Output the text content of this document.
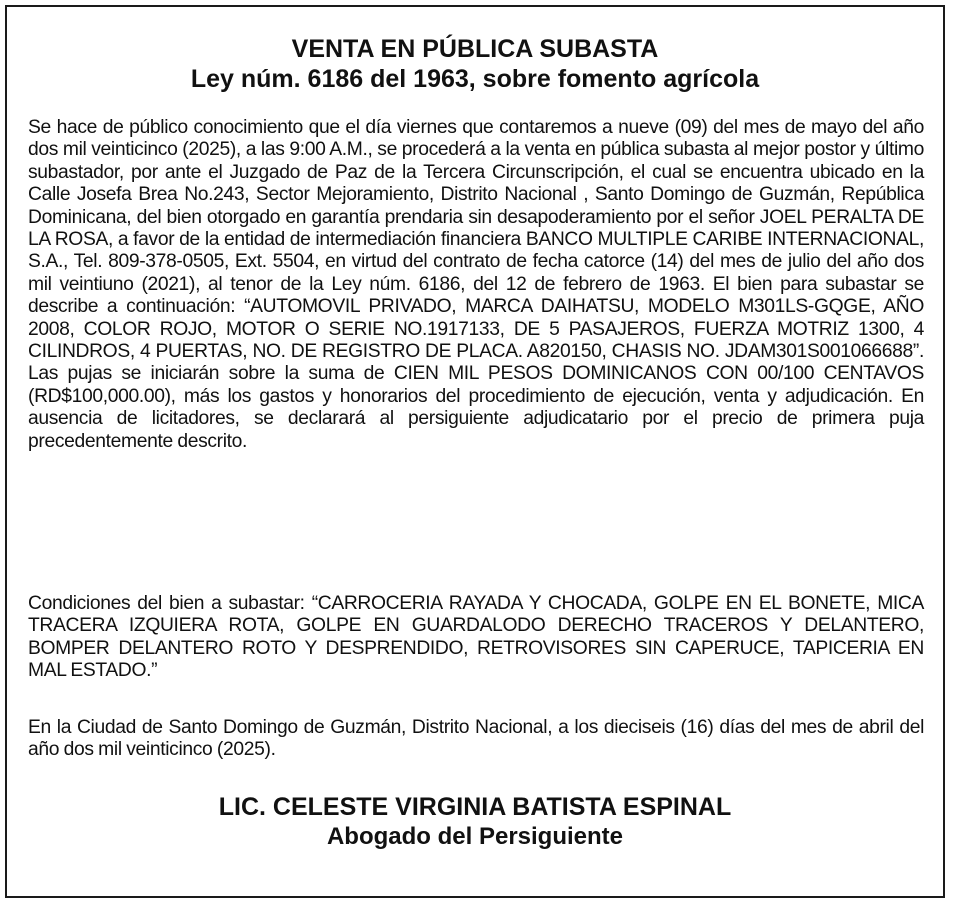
VENTA EN PÚBLICA SUBASTA
Ley núm. 6186 del 1963, sobre fomento agrícola
Se hace de público conocimiento que el día viernes que contaremos a nueve (09) del mes de mayo del año dos mil veinticinco (2025), a las 9:00 A.M., se procederá a la venta en pública subasta al mejor postor y último subastador, por ante el Juzgado de Paz de la Tercera Circunscripción, el cual se encuentra ubicado en la Calle Josefa Brea No.243, Sector Mejoramiento, Distrito Nacional , Santo Domingo de Guzmán, República Dominicana, del bien otorgado en garantía prendaria sin desapoderamiento por el señor JOEL PERALTA DE LA ROSA, a favor de la entidad de intermediación financiera BANCO MULTIPLE CARIBE INTERNACIONAL, S.A., Tel. 809-378-0505, Ext. 5504, en virtud del contrato de fecha catorce (14) del mes de julio del año dos mil veintiuno (2021), al tenor de la Ley núm. 6186, del 12 de febrero de 1963. El bien para subastar se describe a continuación: “AUTOMOVIL PRIVADO, MARCA DAIHATSU, MODELO M301LS-GQGE, AÑO 2008, COLOR ROJO, MOTOR O SERIE NO.1917133, DE 5 PASAJEROS, FUERZA MOTRIZ 1300, 4 CILINDROS, 4 PUERTAS, NO. DE REGISTRO DE PLACA. A820150, CHASIS NO. JDAM301S001066688”. Las pujas se iniciarán sobre la suma de CIEN MIL PESOS DOMINICANOS CON 00/100 CENTAVOS (RD$100,000.00), más los gastos y honorarios del procedimiento de ejecución, venta y adjudicación. En ausencia de licitadores, se declarará al persiguiente adjudicatario por el precio de primera puja precedentemente descrito.
Condiciones del bien a subastar: “CARROCERIA RAYADA Y CHOCADA, GOLPE EN EL BONETE, MICA TRACERA IZQUIERA ROTA, GOLPE EN GUARDALODO DERECHO TRACEROS Y DELANTERO, BOMPER DELANTERO ROTO Y DESPRENDIDO, RETROVISORES SIN CAPERUCE, TAPICERIA EN MAL ESTADO.”
En la Ciudad de Santo Domingo de Guzmán, Distrito Nacional, a los dieciseis (16) días del mes de abril del año dos mil veinticinco (2025).
LIC. CELESTE VIRGINIA BATISTA ESPINAL
Abogado del Persiguiente
